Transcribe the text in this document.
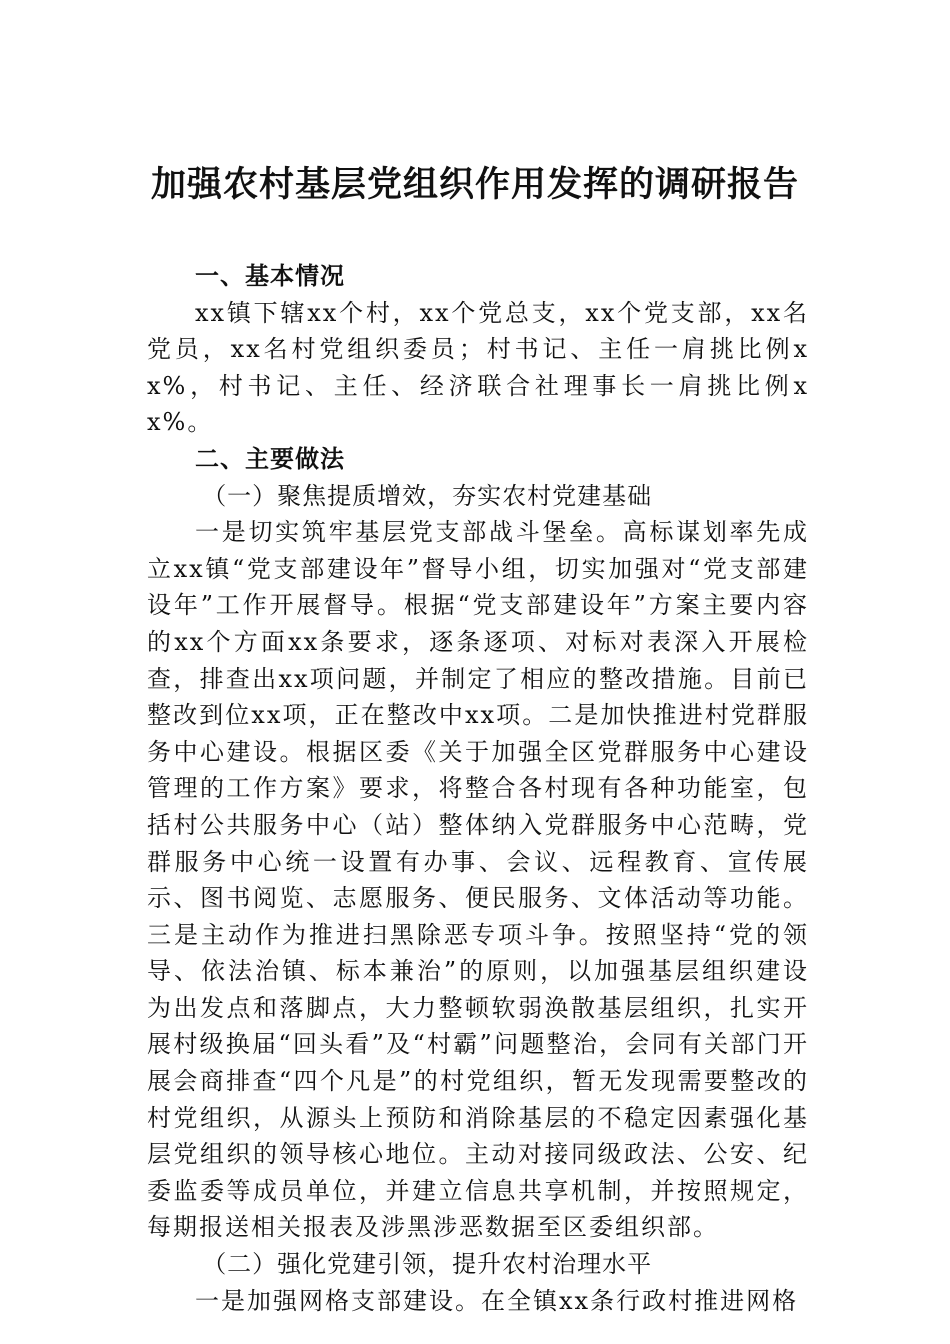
加强农村基层党组织作用发挥的调研报告

一、基本情况

xx镇下辖xx个村，xx个党总支，xx个党支部，xx名党员，xx名村党组织委员；村书记、主任一肩挑比例xx%，村书记、主任、经济联合社理事长一肩挑比例xx%。

二、主要做法

（一）聚焦提质增效，夯实农村党建基础

一是切实筑牢基层党支部战斗堡垒。高标谋划率先成立xx镇“党支部建设年”督导小组，切实加强对“党支部建设年”工作开展督导。根据“党支部建设年”方案主要内容的xx个方面xx条要求，逐条逐项、对标对表深入开展检查，排查出xx项问题，并制定了相应的整改措施。目前已整改到位xx项，正在整改中xx项。二是加快推进村党群服务中心建设。根据区委《关于加强全区党群服务中心建设管理的工作方案》要求，将整合各村现有各种功能室，包括村公共服务中心（站）整体纳入党群服务中心范畴，党群服务中心统一设置有办事、会议、远程教育、宣传展示、图书阅览、志愿服务、便民服务、文体活动等功能。三是主动作为推进扫黑除恶专项斗争。按照坚持“党的领导、依法治镇、标本兼治”的原则，以加强基层组织建设为出发点和落脚点，大力整顿软弱涣散基层组织，扎实开展村级换届“回头看”及“村霸”问题整治，会同有关部门开展会商排查“四个凡是”的村党组织，暂无发现需要整改的村党组织，从源头上预防和消除基层的不稳定因素强化基层党组织的领导核心地位。主动对接同级政法、公安、纪委监委等成员单位，并建立信息共享机制，并按照规定，每期报送相关报表及涉黑涉恶数据至区委组织部。

（二）强化党建引领，提升农村治理水平

一是加强网格支部建设。在全镇xx条行政村推进网格
